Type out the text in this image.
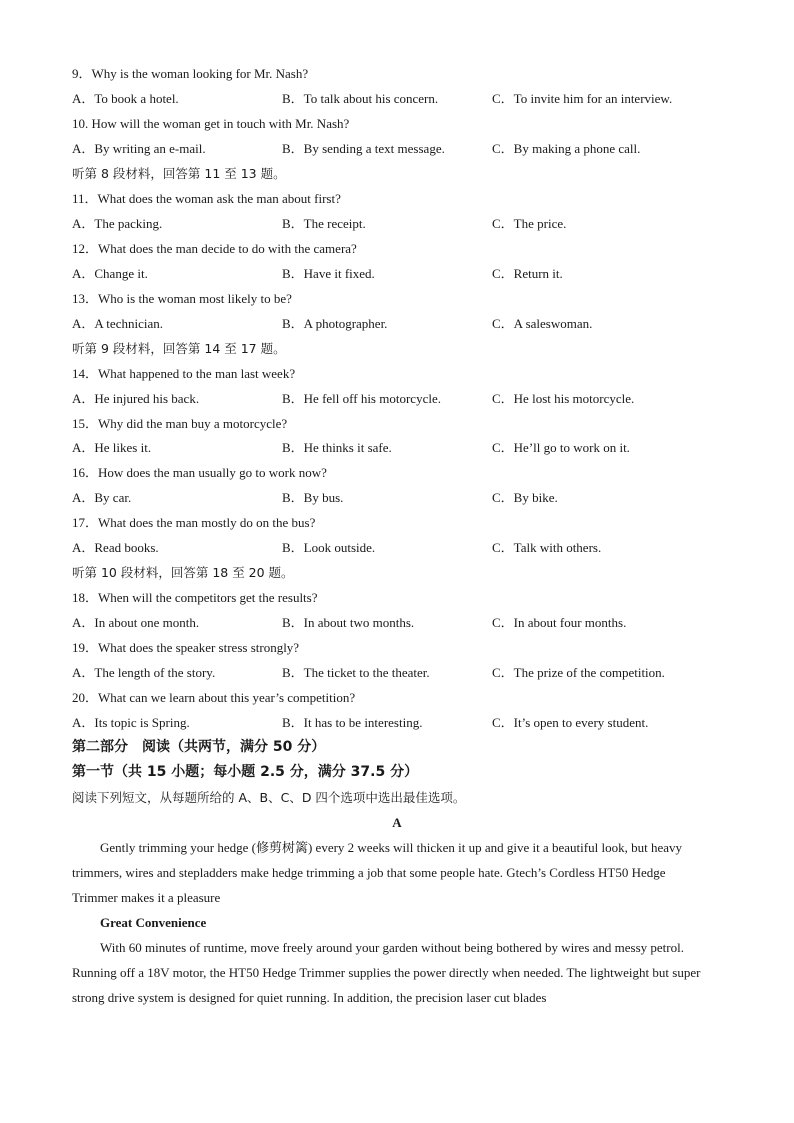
9．Why is the woman looking for Mr. Nash?
A．To book a hotel.	B．To talk about his concern.	C．To invite him for an interview.
10. How will the woman get in touch with Mr. Nash?
A．By writing an e-mail.	B．By sending a text message.	C．By making a phone call.
听第 8 段材料，回答第 11 至 13 题。
11．What does the woman ask the man about first?
A．The packing.	B．The receipt.	C．The price.
12．What does the man decide to do with the camera?
A．Change it.	B．Have it fixed.	C．Return it.
13．Who is the woman most likely to be?
A．A technician.	B．A photographer.	C．A saleswoman.
听第 9 段材料，回答第 14 至 17 题。
14．What happened to the man last week?
A．He injured his back.	B．He fell off his motorcycle.	C．He lost his motorcycle.
15．Why did the man buy a motorcycle?
A．He likes it.	B．He thinks it safe.	C．He’ll go to work on it.
16．How does the man usually go to work now?
A．By car.	B．By bus.	C．By bike.
17．What does the man mostly do on the bus?
A．Read books.	B．Look outside.	C．Talk with others.
听第 10 段材料，回答第 18 至 20 题。
18．When will the competitors get the results?
A．In about one month.	B．In about two months.	C．In about four months.
19．What does the speaker stress strongly?
A．The length of the story.	B．The ticket to the theater.	C．The prize of the competition.
20．What can we learn about this year’s competition?
A．Its topic is Spring.	B．It has to be interesting.	C．It’s open to every student.
第二部分　阅读（共两节，满分 50 分）
第一节（共 15 小题；每小题 2.5 分，满分 37.5 分）
阅读下列短文，从每题所给的 A、B、C、D 四个选项中选出最佳选项。
A
Gently trimming your hedge (修剪树篱) every 2 weeks will thicken it up and give it a beautiful look, but heavy trimmers, wires and stepladders make hedge trimming a job that some people hate. Gtech’s Cordless HT50 Hedge Trimmer makes it a pleasure
Great Convenience
With 60 minutes of runtime, move freely around your garden without being bothered by wires and messy petrol. Running off a 18V motor, the HT50 Hedge Trimmer supplies the power directly when needed. The lightweight but super strong drive system is designed for quiet running. In addition, the precision laser cut blades
